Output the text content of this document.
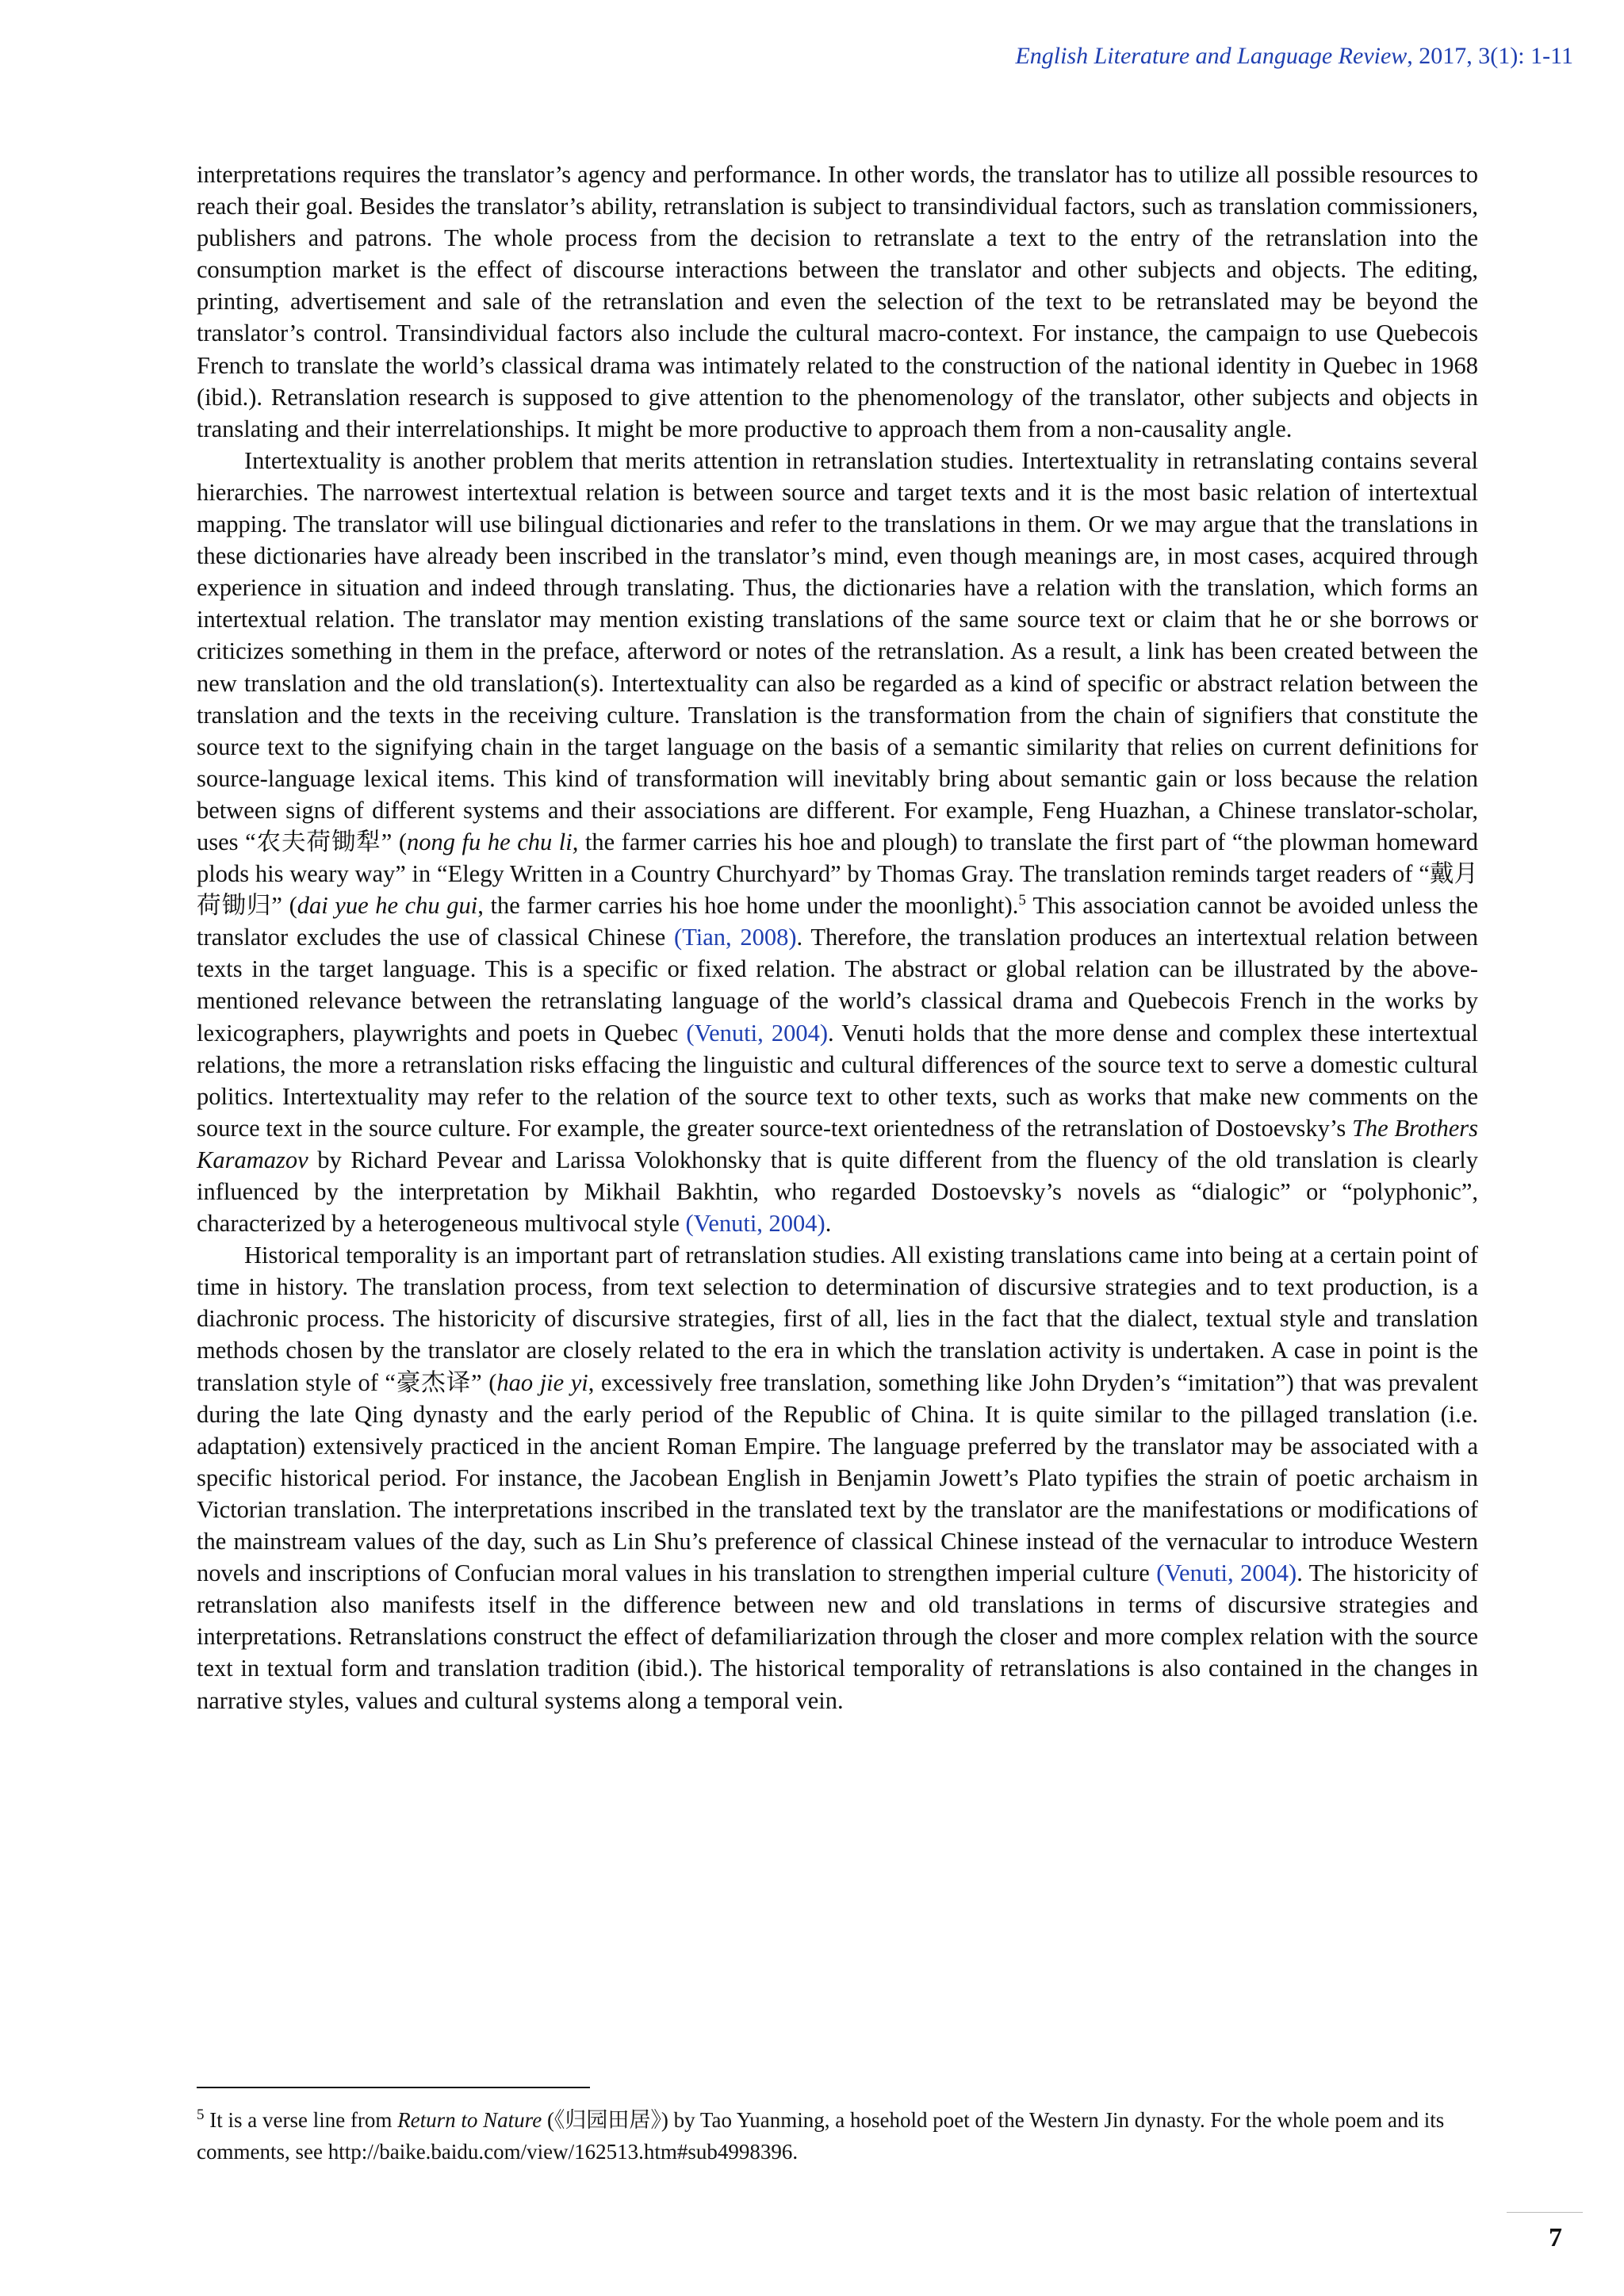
English Literature and Language Review, 2017, 3(1): 1-11

interpretations requires the translator’s agency and performance. In other words, the translator has to utilize all possible resources to reach their goal. Besides the translator’s ability, retranslation is subject to transindividual factors, such as translation commissioners, publishers and patrons. The whole process from the decision to retranslate a text to the entry of the retranslation into the consumption market is the effect of discourse interactions between the translator and other subjects and objects. The editing, printing, advertisement and sale of the retranslation and even the selection of the text to be retranslated may be beyond the translator’s control. Transindividual factors also include the cultural macro-context. For instance, the campaign to use Quebecois French to translate the world’s classical drama was intimately related to the construction of the national identity in Quebec in 1968 (ibid.). Retranslation research is supposed to give attention to the phenomenology of the translator, other subjects and objects in translating and their interrelationships. It might be more productive to approach them from a non-causality angle.

Intertextuality is another problem that merits attention in retranslation studies. Intertextuality in retranslating contains several hierarchies. The narrowest intertextual relation is between source and target texts and it is the most basic relation of intertextual mapping. The translator will use bilingual dictionaries and refer to the translations in them. Or we may argue that the translations in these dictionaries have already been inscribed in the translator’s mind, even though meanings are, in most cases, acquired through experience in situation and indeed through translating. Thus, the dictionaries have a relation with the translation, which forms an intertextual relation. The translator may mention existing translations of the same source text or claim that he or she borrows or criticizes something in them in the preface, afterword or notes of the retranslation. As a result, a link has been created between the new translation and the old translation(s). Intertextuality can also be regarded as a kind of specific or abstract relation between the translation and the texts in the receiving culture. Translation is the transformation from the chain of signifiers that constitute the source text to the signifying chain in the target language on the basis of a semantic similarity that relies on current definitions for source-language lexical items. This kind of transformation will inevitably bring about semantic gain or loss because the relation between signs of different systems and their associations are different. For example, Feng Huazhan, a Chinese translator-scholar, uses “农夫荷锄犁” (nong fu he chu li, the farmer carries his hoe and plough) to translate the first part of “the plowman homeward plods his weary way” in “Elegy Written in a Country Churchyard” by Thomas Gray. The translation reminds target readers of “戴月荷锄归” (dai yue he chu gui, the farmer carries his hoe home under the moonlight).$^5$ This association cannot be avoided unless the translator excludes the use of classical Chinese (Tian, 2008). Therefore, the translation produces an intertextual relation between texts in the target language. This is a specific or fixed relation. The abstract or global relation can be illustrated by the above-mentioned relevance between the retranslating language of the world’s classical drama and Quebecois French in the works by lexicographers, playwrights and poets in Quebec (Venuti, 2004). Venuti holds that the more dense and complex these intertextual relations, the more a retranslation risks effacing the linguistic and cultural differences of the source text to serve a domestic cultural politics. Intertextuality may refer to the relation of the source text to other texts, such as works that make new comments on the source text in the source culture. For example, the greater source-text orientedness of the retranslation of Dostoevsky’s The Brothers Karamazov by Richard Pevear and Larissa Volokhonsky that is quite different from the fluency of the old translation is clearly influenced by the interpretation by Mikhail Bakhtin, who regarded Dostoevsky’s novels as “dialogic” or “polyphonic”, characterized by a heterogeneous multivocal style (Venuti, 2004).

Historical temporality is an important part of retranslation studies. All existing translations came into being at a certain point of time in history. The translation process, from text selection to determination of discursive strategies and to text production, is a diachronic process. The historicity of discursive strategies, first of all, lies in the fact that the dialect, textual style and translation methods chosen by the translator are closely related to the era in which the translation activity is undertaken. A case in point is the translation style of “豪杰译” (hao jie yi, excessively free translation, something like John Dryden’s “imitation”) that was prevalent during the late Qing dynasty and the early period of the Republic of China. It is quite similar to the pillaged translation (i.e. adaptation) extensively practiced in the ancient Roman Empire. The language preferred by the translator may be associated with a specific historical period. For instance, the Jacobean English in Benjamin Jowett’s Plato typifies the strain of poetic archaism in Victorian translation. The interpretations inscribed in the translated text by the translator are the manifestations or modifications of the mainstream values of the day, such as Lin Shu’s preference of classical Chinese instead of the vernacular to introduce Western novels and inscriptions of Confucian moral values in his translation to strengthen imperial culture (Venuti, 2004). The historicity of retranslation also manifests itself in the difference between new and old translations in terms of discursive strategies and interpretations. Retranslations construct the effect of defamiliarization through the closer and more complex relation with the source text in textual form and translation tradition (ibid.). The historical temporality of retranslations is also contained in the changes in narrative styles, values and cultural systems along a temporal vein.

$^5$ It is a verse line from Return to Nature (《归园田居》) by Tao Yuanming, a hosehold poet of the Western Jin dynasty. For the whole poem and its comments, see http://baike.baidu.com/view/162513.htm#sub4998396.
7
